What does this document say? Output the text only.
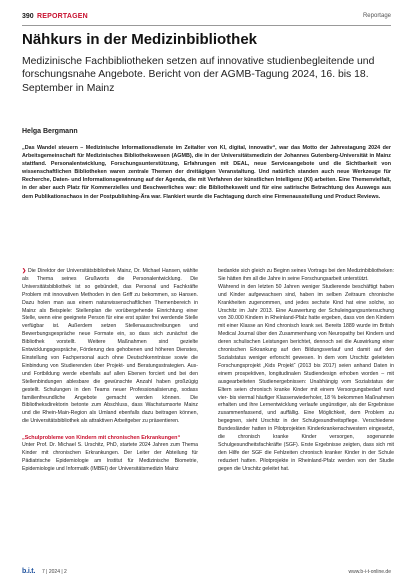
390 REPORTAGEN	Reportage
Nähkurs in der Medizinbibliothek
Medizinische Fachbibliotheken setzen auf innovative studienbegleitende und forschungsnahe Angebote. Bericht von der AGMB-Tagung 2024, 16. bis 18. September in Mainz
Helga Bergmann
„Das Wandel steuern – Medizinische Informationsdienste im Zeitalter von KI, digital, innovativ“, war das Motto der Jahrestagung 2024 der Arbeitsgemeinschaft für Medizinisches Bibliothekswesen (AGMB), die in der Universitätsmedizin der Johannes Gutenberg-Universität in Mainz stattfand. Personalentwicklung, Forschungsunterstützung, Erfahrungen mit DEAL, neue Serviceangebote und die Sichtbarkeit von wissenschaftlichen Bibliotheken waren zentrale Themen der dreitägigen Veranstaltung. Und natürlich standen auch neue Werkzeuge für Recherche, Daten- und Informationsgewinnung auf der Agenda, die mit Verfahren der künstlichen Intelligenz (KI) arbeiten. Eine Themenvielfalt, in der aber auch Platz für Kommerzielles und Beschwerliches war: die Bibliothekswelt und für eine satirische Betrachtung des Auswegs aus dem Publikationschaos in der Postpublishing-Ära war. Flankiert wurde die Fachtagung durch eine Firmenausstellung und Product Reviews.

❯ Die Direktor der Universitätsbibliothek Mainz, Dr. Michael Hansen, wählte als Thema seines Grußworts die Personalentwicklung. Die Universitätsbibliothek ist so gebündelt, das Personal und Fachkräfte Problem mit innovativen Methoden in den Griff zu bekommen, so Hansen. Dazu holen man aus einem naturwissenschaftlichen Themenbereich in Mainz als Beispiele: Stellenplan die vorübergehende Einrichtung einer Stelle, wenn eine geeignete Person für eine erst später frei werdende Stelle verfügbar ist. Außerdem setzen Stellenausschreibungen und Bewerbungsgespräche neue Formate ein, so dass sich zunächst die Bibliothek vorstellt. Weitere Maßnahmen sind gezielte Entwicklungsgespräche, Förderung des gehobenen und höheren Dienstes, Einstellung von Fachpersonal auch ohne Deutschkenntnisse sowie die Einbindung von Studierenden über Projekt- und Beratungsstrategien. Aus- und Fortbildung werde ebenfalls auf allen Ebenen forciert und bei den Stellenbindungen ablesbare die gewünschte Anzahl haben großzügig gestellt. Schulungen in den Teams neuer Professionalisierung, sodass familienfreundliche Angebote gemacht werden können. Die Bibliotheksdirektorin betonte zum Abschluss, dass Wachstumsorte Mainz und die Rhein-Main-Region als Umland ebenfalls dazu beitragen können, die Universitätsbibliothek als attraktiven Arbeitgeber zu präsentieren.

„Schulprobleme von Kindern mit chronischen Erkrankungen“

Unter Prof. Dr. Michael S. Urschitz, PhD, startete 2024 Jahren zum Thema Kinder mit chronischen Erkrankungen. Der Leiter der Abteilung für Pädiatrische Epidemiologie am Institut für Medizinische Biometrie, Epidemiologie und Informatik (IMBEI) der Universitätsmedizin Mainz

bedankte sich gleich zu Beginn seines Vortrags bei den Medizinbibliotheken: Sie hätten ihm all die Jahre in seine Forschungsarbeit unterstützt.

Während in den letzten 50 Jahren weniger Studierende beschäftigt haben und Kinder aufgewachsen sind, haben im selben Zeitraum chronische Krankheiten zugenommen, und jedes sechste Kind hat eine solche, so Urschitz im Jahr 2013. Eine Auswertung der Schuleingangsuntersuchung von 30.000 Kindern in Rheinland-Pfalz hatte ergeben, dass von den Kindern mit einer Klasse an Kind chronisch krank sei. Bereits 1889 wurde im British Medical Journal über den Zusammenhang von Neuropathy bei Kindern und deren schulischen Leistungen berichtet, dennoch sei die Auswirkung einer chronischen Erkrankung auf den Bildungsverlauf und damit auf den Sozialstatus weniger erforscht gewesen. In dem vom Urschitz geleiteten Forschungsprojekt „Kids Projekt“ (2013 bis 2017) seien anhand Daten in einem prospektiven, longitudinalen Studiendesign erhoben worden – mit ausgearbeiteten Studienergebnissen: Unabhängig vom Sozialstatus der Eltern seien chronisch kranke Kinder mit einem Versorgungsbedarf rund vier- bis viermal häufiger Klassenwiederholer, 18 % bekommen Maßnahmen erhalten und ihre Lernentwicklung verlaufe ungünstiger, als der Ergebnisse zusammenfassend, und auffällig. Eine Möglichkeit, dem Problem zu begegnen, sieht Urschitz in der Schulgesundheitspflege. Verschiedene Bundesländer hatten in Pilotprojekten Kinderkrankenschwestern eingesetzt, die chronisch kranke Kinder versorgen, sogenannte Schulgesundheitsfachkräfte (SGF). Erste Ergebnisse zeigten, dass sich mit den Hilfe der SGF die Fehlzeiten chronisch kranker Kinder in der Schule reduziert hatten. Pilotprojekte in Rheinland-Pfalz werden von der Studie gegen die Urschitz geleitet hat.

b.i.t. 7 | 2024 | 2	www.b-i-t-online.de
